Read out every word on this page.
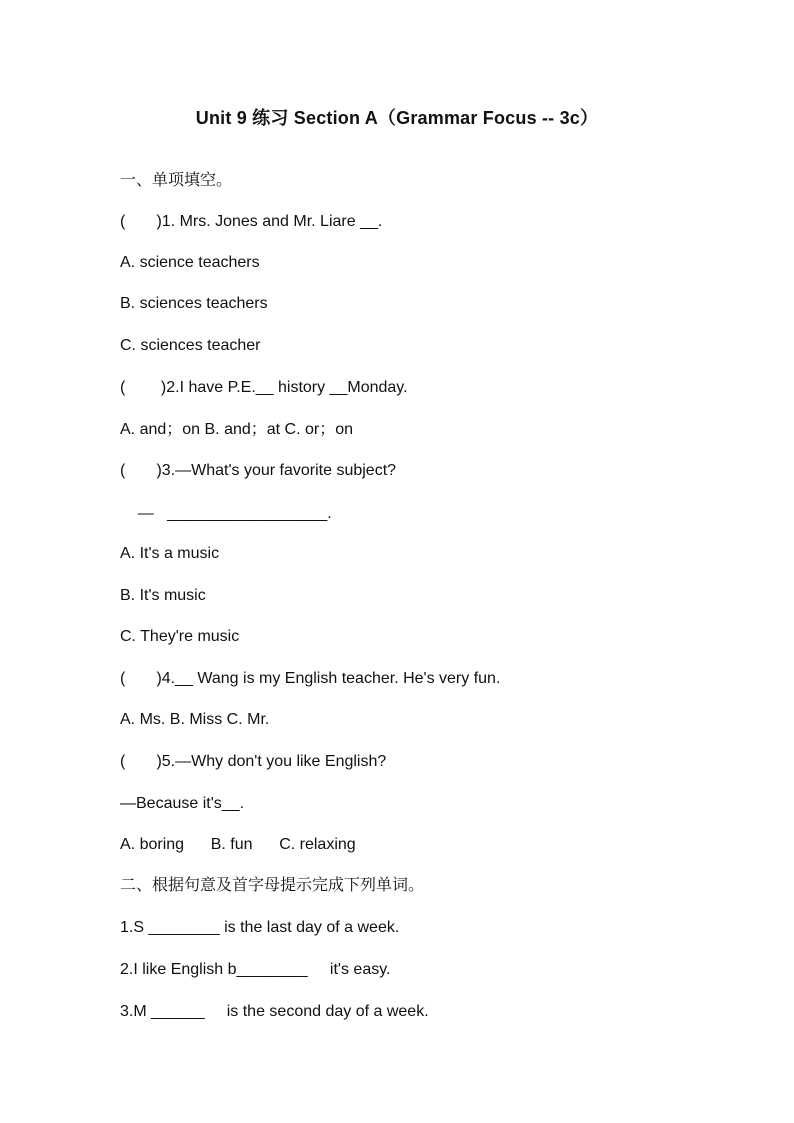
Unit 9 练习 Section A（Grammar Focus -- 3c）
一、单项填空。
(       )1. Mrs. Jones and Mr. Liare __.
A. science teachers
B. sciences teachers
C. sciences teacher
(        )2.I have P.E.__ history __Monday.
A. and；on B. and；at C. or；on
(       )3.—What's your favorite subject?
—   __________________.
A. It's a music
B. It's music
C. They're music
(       )4.__ Wang is my English teacher. He's very fun.
A. Ms. B. Miss C. Mr.
(       )5.—Why don't you like English?
—Because it's__.
A. boring      B. fun      C. relaxing
二、根据句意及首字母提示完成下列单词。
1.S ________ is the last day of a week.
2.I like English b________     it's easy.
3.M ______     is the second day of a week.
